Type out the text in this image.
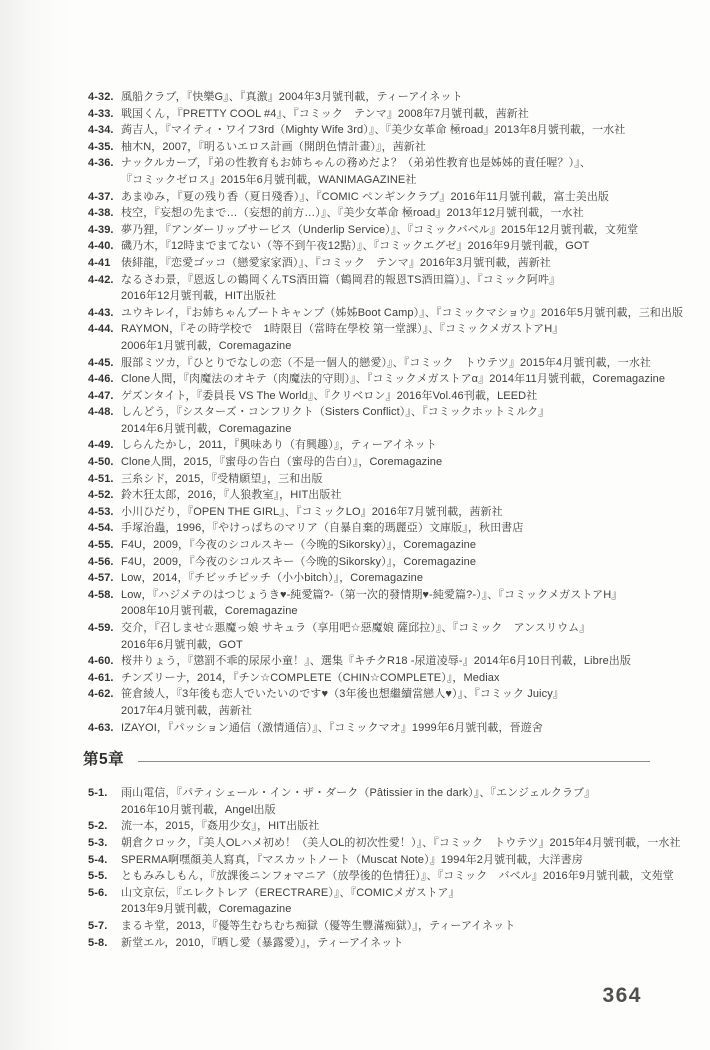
4-32. 風船クラブ，『快樂G』、『真激』2004年3月號刊載，ティーアイネット
4-33. 戦国くん，『PRETTY COOL #4』、『コミック　テンマ』2008年7月號刊載，茜新社
4-34. 蒟吉人，『マイティ・ワイフ3rd（Mighty Wife 3rd）』、『美少女革命 極road』2013年8月號刊載，一水社
4-35. 柚木N，2007，『明るいエロス計画（開朗色情計畫）』，茜新社
4-36. ナックルカーブ，『弟の性教育もお姉ちゃんの務めだよ？（弟弟性教育也是姊姊的責任喔？）』、
『コミックゼロス』2015年6月號刊載，WANIMAGAZINE社
4-37. あまゆみ，『夏の残り香（夏日殘香）』、『COMIC ペンギンクラブ』2016年11月號刊載，富士美出版
4-38. 枝空，『妄想の先まで…（妄想的前方…）』、『美少女革命 極road』2013年12月號刊載，一水社
4-39. 夢乃狸，『アンダーリップサービス（Underlip Service）』、『コミックバベル』2015年12月號刊載，文苑堂
4-40. 磯乃木，『12時までまてない（等不到午夜12點）』、『コミックエグゼ』2016年9月號刊載，GOT
4-41 俵緋龍，『恋愛ゴッコ（戀愛家家酒）』、『コミック　テンマ』2016年3月號刊載，茜新社
4-42. なるさわ景，『恩返しの鶴岡くんTS酒田篇（鶴岡君的報恩TS酒田篇）』、『コミック阿吽』
2016年12月號刊載，HIT出版社
4-43. ユウキレイ，『お姉ちゃんブートキャンプ（姊姊Boot Camp）』、『コミックマショウ』2016年5月號刊載，三和出版
4-44. RAYMON，『その時学校で　1時限目（當時在學校 第一堂課）』、『コミックメガストアH』
2006年1月號刊載，Coremagazine
4-45. 服部ミツカ，『ひとりでなしの恋（不是一個人的戀愛）』、『コミック　トウテツ』2015年4月號刊載，一水社
4-46. Clone人間，『肉魔法のオキテ（肉魔法的守則）』、『コミックメガストアα』2014年11月號刊載，Coremagazine
4-47. ゲズンタイト，『委員長 VS The World』、『クリベロン』2016年Vol.46刊載，LEED社
4-48. しんどう，『シスターズ・コンフリクト（Sisters Conflict）』、『コミックホットミルク』
2014年6月號刊載，Coremagazine
4-49. しらんたかし，2011，『興味あり（有興趣）』，ティーアイネット
4-50. Clone人間，2015，『蜜母の告白（蜜母的告白）』，Coremagazine
4-51. 三糸シド，2015，『受精願望』，三和出版
4-52. 鈴木狂太郎，2016，『人狼教室』，HIT出版社
4-53. 小川ひだり，『OPEN THE GIRL』、『コミックLO』2016年7月號刊載，茜新社
4-54. 手塚治蟲，1996，『やけっぱちのマリア（自暴自棄的瑪麗亞）文庫版』，秋田書店
4-55. F4U，2009，『今夜のシコルスキー（今晚的Sikorsky）』，Coremagazine
4-56. F4U，2009，『今夜のシコルスキー（今晚的Sikorsky）』，Coremagazine
4-57. Low，2014，『チビッチビッチ（小小bitch）』，Coremagazine
4-58. Low，『ハジメテのはつじょうき♥-純愛篇?-（第一次的發情期♥-純愛篇?-）』、『コミックメガストアH』
2008年10月號刊載，Coremagazine
4-59. 交介，『召しませ☆悪魔っ娘 サキュラ（享用吧☆惡魔娘 薩邱拉）』、『コミック　アンスリウム』
2016年6月號刊載，GOT
4-60. 桜井りょう，『懲罰不乖的尿尿小童！』、選集『キチクR18 -尿道凌辱-』2014年6月10日刊載，Libre出版
4-61. チンズリーナ，2014，『チン☆COMPLETE（CHIN☆COMPLETE）』，Mediax
4-62. 笹倉綾人，『3年後も恋人でいたいのです♥（3年後也想繼續當戀人♥）』、『コミック Juicy』
2017年4月號刊載，茜新社
4-63. IZAYOI，『パッション通信（激情通信）』、『コミックマオ』1999年6月號刊載，晉遊舍
第5章
5-1.	雨山電信，『パティシェール・イン・ザ・ダーク（Pâtissier in the dark）』、『エンジェルクラブ』
2016年10月號刊載，Angel出版
5-2.	流一本，2015，『姦用少女』，HIT出版社
5-3.	朝倉クロック，『美人OLハメ初め！（美人OL的初次性愛！）』、『コミック　トウテツ』2015年4月號刊載，一水社
5-4.	SPERMA啊嘿顏美人寫真，『マスカットノート（Muscat Note）』1994年2月號刊載，大洋書房
5-5.	ともみみしもん，『放課後ニンフォマニア（放學後的色情狂）』、『コミック　バベル』2016年9月號刊載，文苑堂
5-6.	山文京伝，『エレクトレア（ERECTRARE）』、『COMICメガストア』
2013年9月號刊載，Coremagazine
5-7.	まるキ堂，2013，『優等生むちむち痴獄（優等生豐滿痴獄）』，ティーアイネット
5-8.	新堂エル，2010，『晒し愛（暴露愛）』，ティーアイネット
364
